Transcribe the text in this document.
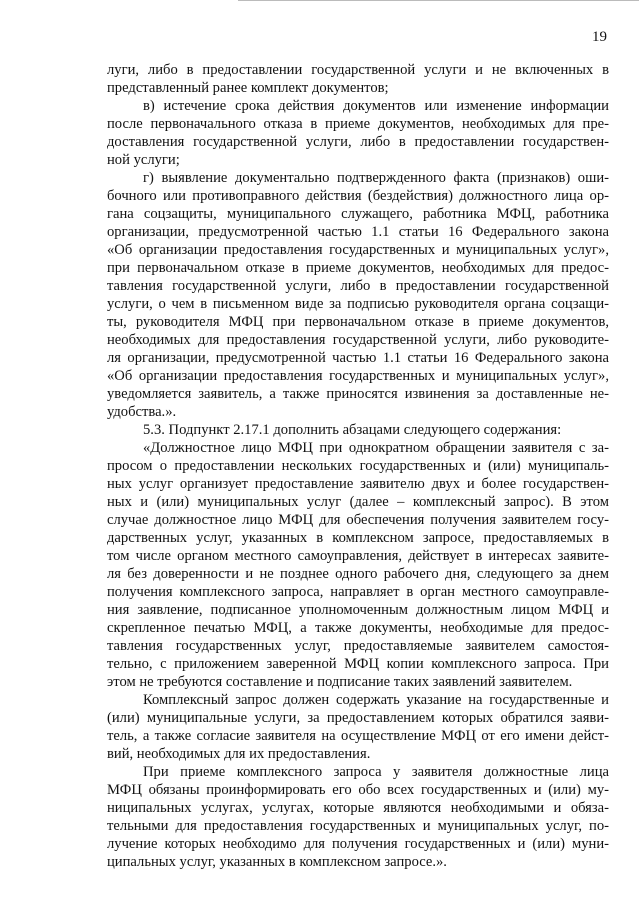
19
луги, либо в предоставлении государственной услуги и не включенных в
представленный ранее комплект документов;
в) истечение срока действия документов или изменение информации
после первоначального отказа в приеме документов, необходимых для пре-
доставления государственной услуги, либо в предоставлении государствен-
ной услуги;
г) выявление документально подтвержденного факта (признаков) оши-
бочного или противоправного действия (бездействия) должностного лица ор-
гана соцзащиты, муниципального служащего, работника МФЦ, работника
организации, предусмотренной частью 1.1 статьи 16 Федерального закона
«Об организации предоставления государственных и муниципальных услуг»,
при первоначальном отказе в приеме документов, необходимых для предос-
тавления государственной услуги, либо в предоставлении государственной
услуги, о чем в письменном виде за подписью руководителя органа соцзащи-
ты, руководителя МФЦ при первоначальном отказе в приеме документов,
необходимых для предоставления государственной услуги, либо руководите-
ля организации, предусмотренной частью 1.1 статьи 16 Федерального закона
«Об организации предоставления государственных и муниципальных услуг»,
уведомляется заявитель, а также приносятся извинения за доставленные не-
удобства.».
5.3. Подпункт 2.17.1 дополнить абзацами следующего содержания:
«Должностное лицо МФЦ при однократном обращении заявителя с за-
просом о предоставлении нескольких государственных и (или) муниципаль-
ных услуг организует предоставление заявителю двух и более государствен-
ных и (или) муниципальных услуг (далее – комплексный запрос). В этом
случае должностное лицо МФЦ для обеспечения получения заявителем госу-
дарственных услуг, указанных в комплексном запросе, предоставляемых в
том числе органом местного самоуправления, действует в интересах заявите-
ля без доверенности и не позднее одного рабочего дня, следующего за днем
получения комплексного запроса, направляет в орган местного самоуправле-
ния заявление, подписанное уполномоченным должностным лицом МФЦ и
скрепленное печатью МФЦ, а также документы, необходимые для предос-
тавления государственных услуг, предоставляемые заявителем самостоя-
тельно, с приложением заверенной МФЦ копии комплексного запроса. При
этом не требуются составление и подписание таких заявлений заявителем.
Комплексный запрос должен содержать указание на государственные и
(или) муниципальные услуги, за предоставлением которых обратился заяви-
тель, а также согласие заявителя на осуществление МФЦ от его имени дейст-
вий, необходимых для их предоставления.
При приеме комплексного запроса у заявителя должностные лица
МФЦ обязаны проинформировать его обо всех государственных и (или) му-
ниципальных услугах, услугах, которые являются необходимыми и обяза-
тельными для предоставления государственных и муниципальных услуг, по-
лучение которых необходимо для получения государственных и (или) муни-
ципальных услуг, указанных в комплексном запросе.».
